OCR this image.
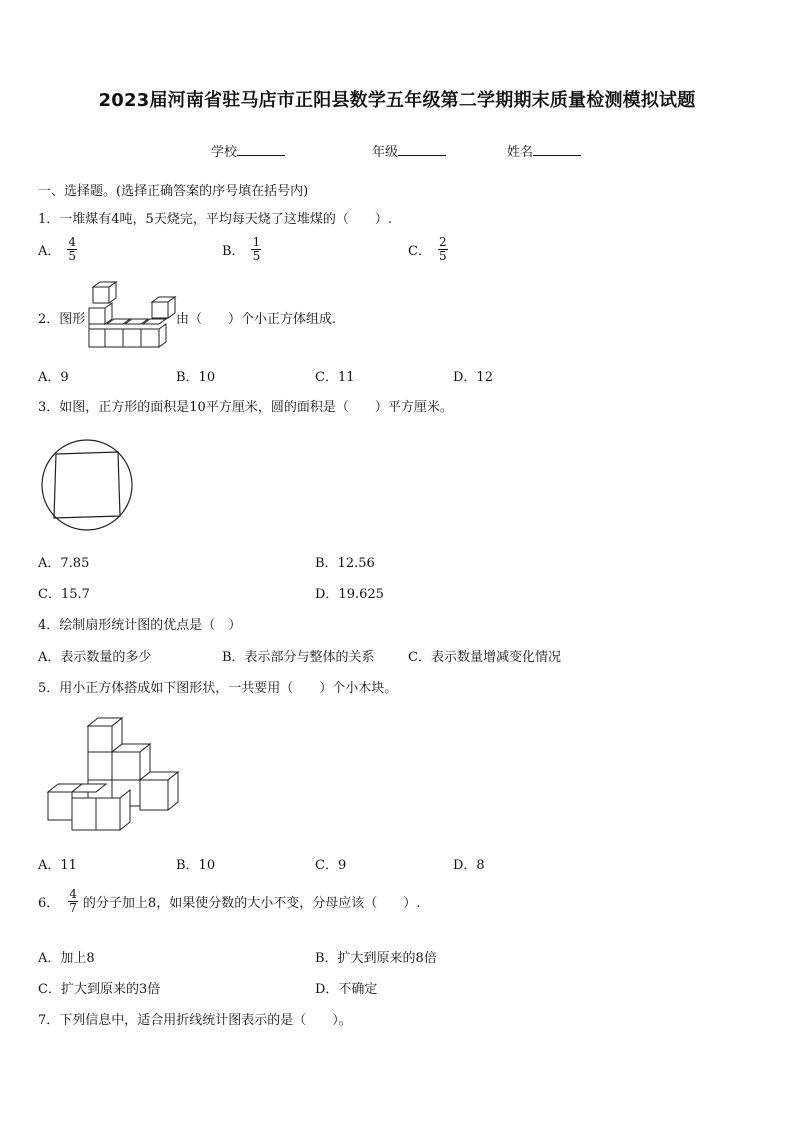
2023届河南省驻马店市正阳县数学五年级第二学期期末质量检测模拟试题
学校	年级	姓名
一、选择题。(选择正确答案的序号填在括号内)
1．一堆煤有4吨，5天烧完，平均每天烧了这堆煤的（　　）.
A． $\frac{4}{5}$	B． $\frac{1}{5}$	C． $\frac{2}{5}$
2．图形	由（　　）个小正方体组成.
A．9	B．10	C．11	D．12
3．如图，正方形的面积是10平方厘米，圆的面积是（　　）平方厘米。
A．7.85	B．12.56
C．15.7	D．19.625
4．绘制扇形统计图的优点是（　）
A．表示数量的多少	B．表示部分与整体的关系	C．表示数量增减变化情况
5．用小正方体搭成如下图形状，一共要用（　　）个小木块。
A．11	B．10	C．9	D．8
6． $\frac{4}{7}$ 的分子加上8，如果使分数的大小不变，分母应该（　　）.
A．加上8	B．扩大到原来的8倍
C．扩大到原来的3倍	D．不确定
7．下列信息中，适合用折线统计图表示的是（　　）。
